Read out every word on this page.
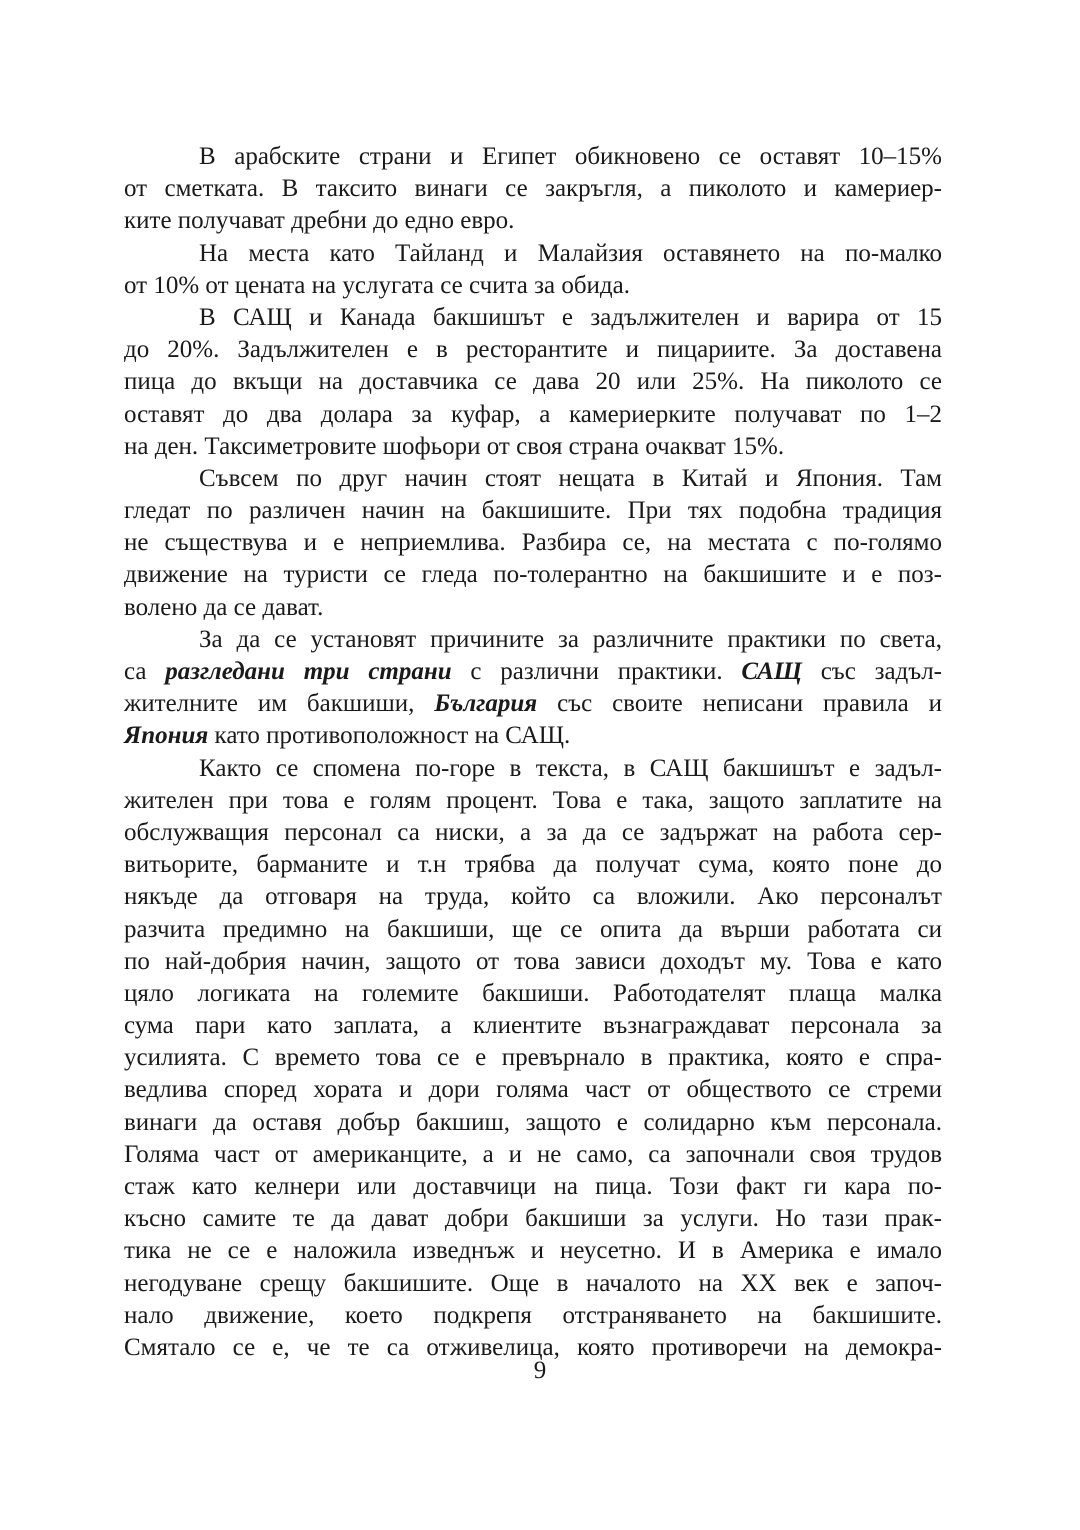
В арабските страни и Египет обикновено се оставят 10–15%
от сметката. В таксито винаги се закръгля, а пиколото и камериер-
ките получават дребни до едно евро.
На места като Тайланд и Малайзия оставянето на по-малко
от 10% от цената на услугата се счита за обида.
В САЩ и Канада бакшишът е задължителен и варира от 15
до 20%. Задължителен е в ресторантите и пицариите. За доставена
пица до вкъщи на доставчика се дава 20 или 25%. На пиколото се
оставят до два долара за куфар, а камериерките получават по 1–2
на ден. Таксиметровите шофьори от своя страна очакват 15%.
Съвсем по друг начин стоят нещата в Китай и Япония. Там
гледат по различен начин на бакшишите. При тях подобна традиция
не съществува и е неприемлива. Разбира се, на местата с по-голямо
движение на туристи се гледа по-толерантно на бакшишите и е поз-
волено да се дават.
За да се установят причините за различните практики по света,
са разгледани три страни с различни практики. САЩ със задъл-
жителните им бакшиши, България със своите неписани правила и
Япония като противоположност на САЩ.
Както се спомена по-горе в текста, в САЩ бакшишът е задъл-
жителен при това е голям процент. Това е така, защото заплатите на
обслужващия персонал са ниски, а за да се задържат на работа сер-
витьорите, барманите и т.н трябва да получат сума, която поне до
някъде да отговаря на труда, който са вложили. Ако персоналът
разчита предимно на бакшиши, ще се опита да върши работата си
по най-добрия начин, защото от това зависи доходът му. Това е като
цяло логиката на големите бакшиши. Работодателят плаща малка
сума пари като заплата, а клиентите възнаграждават персонала за
усилията. С времето това се е превърнало в практика, която е спра-
ведлива според хората и дори голяма част от обществото се стреми
винаги да оставя добър бакшиш, защото е солидарно към персонала.
Голяма част от американците, а и не само, са започнали своя трудов
стаж като келнери или доставчици на пица. Този факт ги кара по-
късно самите те да дават добри бакшиши за услуги. Но тази прак-
тика не се е наложила изведнъж и неусетно. И в Америка е имало
негодуване срещу бакшишите. Още в началото на XX век е започ-
нало движение, което подкрепя отстраняването на бакшишите.
Смятало се е, че те са отживелица, която противоречи на демокра-
9
